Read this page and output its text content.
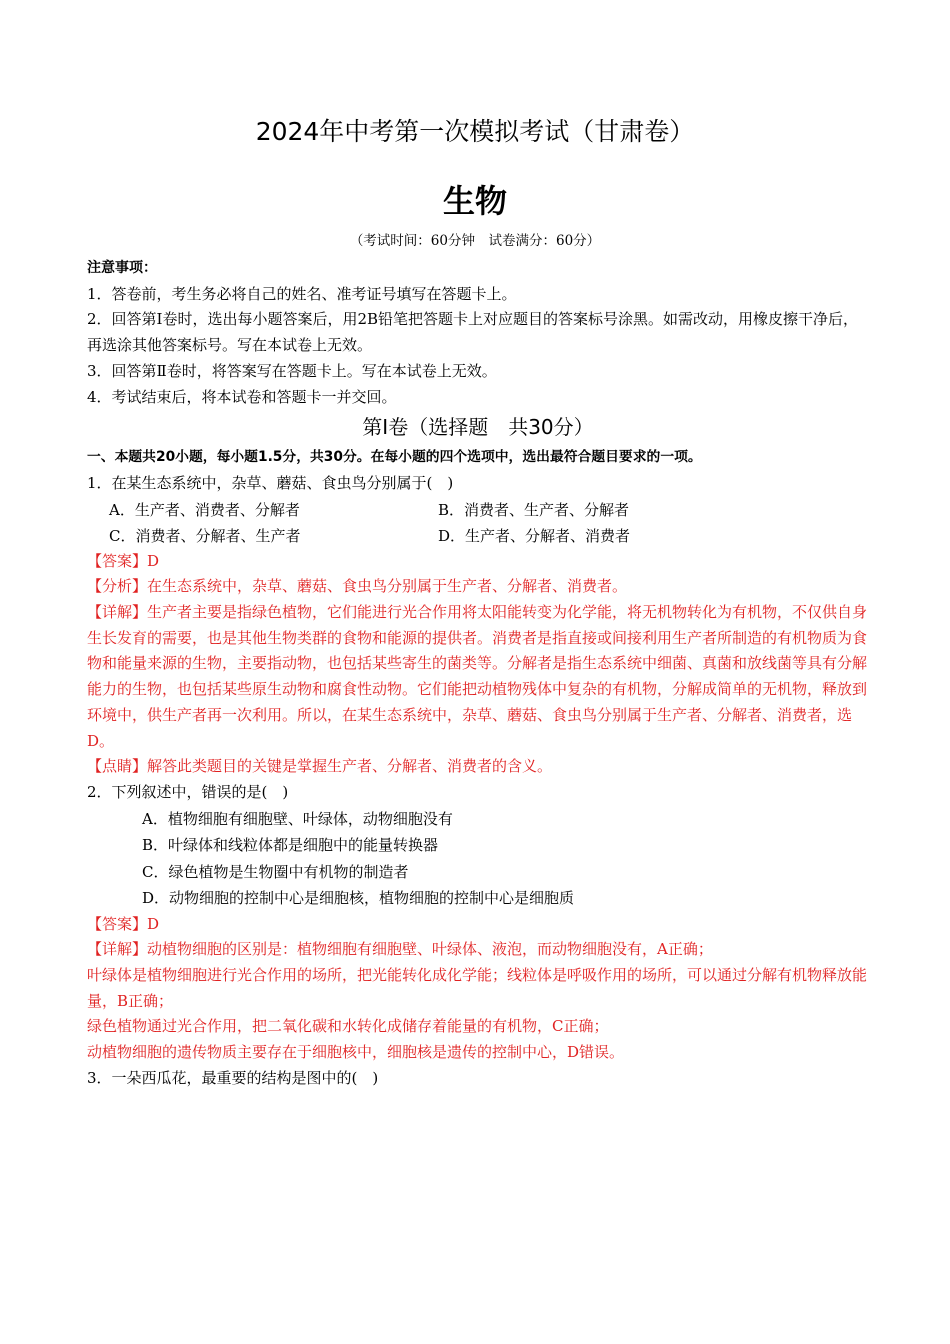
2024年中考第一次模拟考试（甘肃卷）
生物
（考试时间：60分钟　试卷满分：60分）
注意事项：
1．答卷前，考生务必将自己的姓名、准考证号填写在答题卡上。
2．回答第Ⅰ卷时，选出每小题答案后，用2B铅笔把答题卡上对应题目的答案标号涂黑。如需改动，用橡皮擦干净后，再选涂其他答案标号。写在本试卷上无效。
3．回答第Ⅱ卷时，将答案写在答题卡上。写在本试卷上无效。
4．考试结束后，将本试卷和答题卡一并交回。
第Ⅰ卷（选择题　共30分）
一、本题共20小题，每小题1.5分，共30分。在每小题的四个选项中，选出最符合题目要求的一项。
1．在某生态系统中，杂草、蘑菇、食虫鸟分别属于(　)
A．生产者、消费者、分解者	B．消费者、生产者、分解者
C．消费者、分解者、生产者	D．生产者、分解者、消费者
【答案】D
【分析】在生态系统中，杂草、蘑菇、食虫鸟分别属于生产者、分解者、消费者。
【详解】生产者主要是指绿色植物，它们能进行光合作用将太阳能转变为化学能，将无机物转化为有机物，不仅供自身生长发育的需要，也是其他生物类群的食物和能源的提供者。消费者是指直接或间接利用生产者所制造的有机物质为食物和能量来源的生物，主要指动物，也包括某些寄生的菌类等。分解者是指生态系统中细菌、真菌和放线菌等具有分解能力的生物，也包括某些原生动物和腐食性动物。它们能把动植物残体中复杂的有机物，分解成简单的无机物，释放到环境中，供生产者再一次利用。所以，在某生态系统中，杂草、蘑菇、食虫鸟分别属于生产者、分解者、消费者，选D。
【点睛】解答此类题目的关键是掌握生产者、分解者、消费者的含义。
2．下列叙述中，错误的是(　)
A．植物细胞有细胞壁、叶绿体，动物细胞没有
B．叶绿体和线粒体都是细胞中的能量转换器
C．绿色植物是生物圈中有机物的制造者
D．动物细胞的控制中心是细胞核，植物细胞的控制中心是细胞质
【答案】D
【详解】动植物细胞的区别是：植物细胞有细胞壁、叶绿体、液泡，而动物细胞没有，A正确；
叶绿体是植物细胞进行光合作用的场所，把光能转化成化学能；线粒体是呼吸作用的场所，可以通过分解有机物释放能量，B正确；
绿色植物通过光合作用，把二氧化碳和水转化成储存着能量的有机物，C正确；
动植物细胞的遗传物质主要存在于细胞核中，细胞核是遗传的控制中心，D错误。
3．一朵西瓜花，最重要的结构是图中的(　)
